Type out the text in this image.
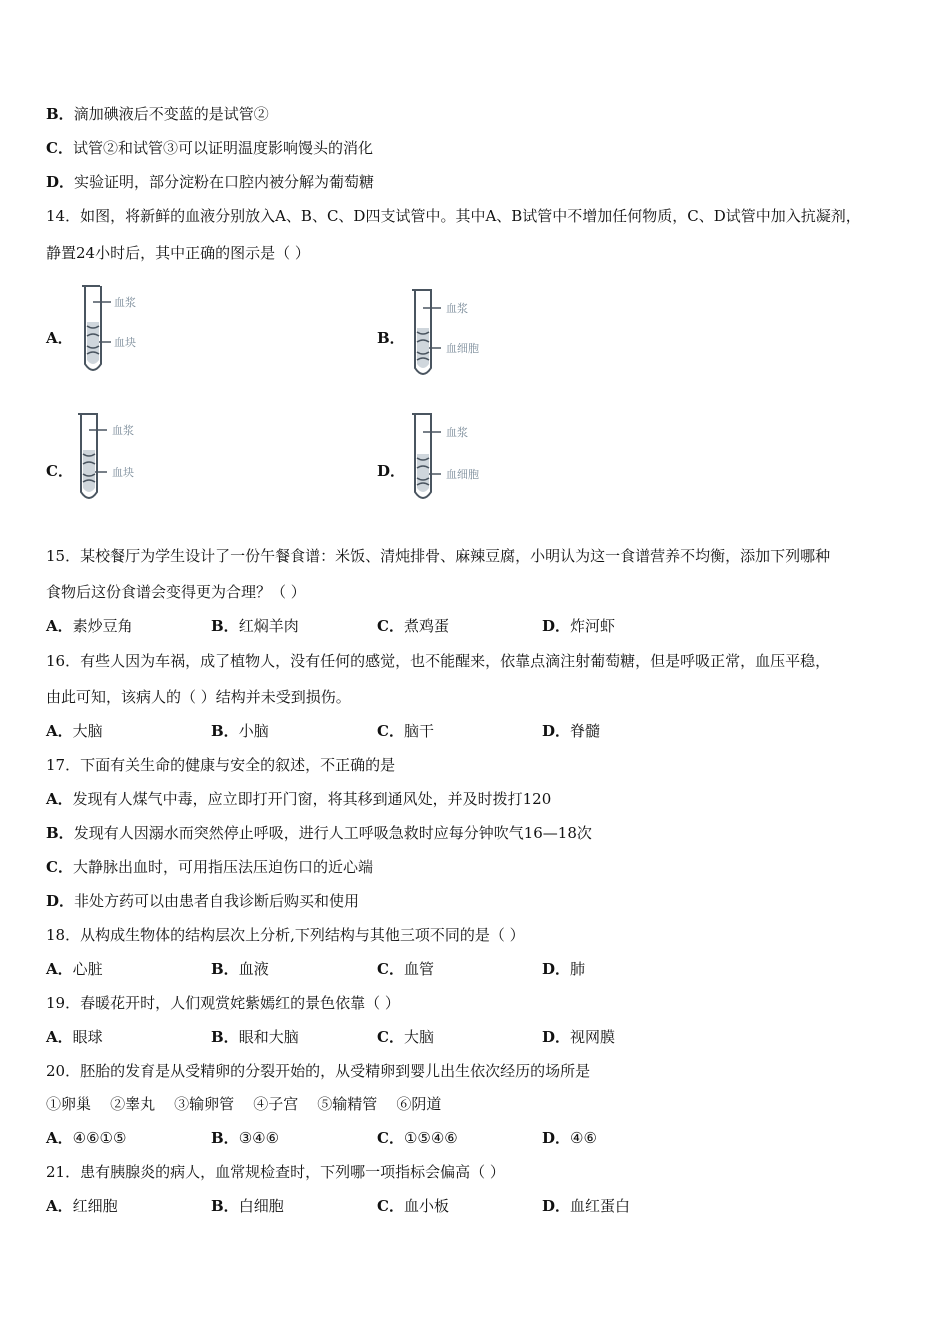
B．滴加碘液后不变蓝的是试管②
C．试管②和试管③可以证明温度影响馒头的消化
D．实验证明，部分淀粉在口腔内被分解为葡萄糖
14．如图，将新鲜的血液分别放入A、B、C、D四支试管中。其中A、B试管中不增加任何物质，C、D试管中加入抗凝剂，
静置24小时后，其中正确的图示是（ ）
A．
血浆
血块	B．
血浆
血细胞
C．
血浆
血块	D．
血浆
血细胞
15．某校餐厅为学生设计了一份午餐食谱：米饭、清炖排骨、麻辣豆腐，小明认为这一食谱营养不均衡，添加下列哪种
食物后这份食谱会变得更为合理？（ ）
A．素炒豆角	B．红焖羊肉	C．煮鸡蛋	D．炸河虾
16．有些人因为车祸，成了植物人，没有任何的感觉，也不能醒来，依靠点滴注射葡萄糖，但是呼吸正常，血压平稳，
由此可知，该病人的（ ）结构并未受到损伤。
A．大脑	B．小脑	C．脑干	D．脊髓
17．下面有关生命的健康与安全的叙述，不正确的是
A．发现有人煤气中毒，应立即打开门窗，将其移到通风处，并及时拨打120
B．发现有人因溺水而突然停止呼吸，进行人工呼吸急救时应每分钟吹气16—18次
C．大静脉出血时，可用指压法压迫伤口的近心端
D．非处方药可以由患者自我诊断后购买和使用
18．从构成生物体的结构层次上分析,下列结构与其他三项不同的是（ ）
A．心脏	B．血液	C．血管	D．肺
19．春暖花开时，人们观赏姹紫嫣红的景色依靠（ ）
A．眼球	B．眼和大脑	C．大脑	D．视网膜
20．胚胎的发育是从受精卵的分裂开始的，从受精卵到婴儿出生依次经历的场所是
①卵巢    ②睾丸    ③输卵管    ④子宫    ⑤输精管    ⑥阴道
A．④⑥①⑤	B．③④⑥	C．①⑤④⑥	D．④⑥
21．患有胰腺炎的病人，血常规检查时，下列哪一项指标会偏高（ ）
A．红细胞	B．白细胞	C．血小板	D．血红蛋白
